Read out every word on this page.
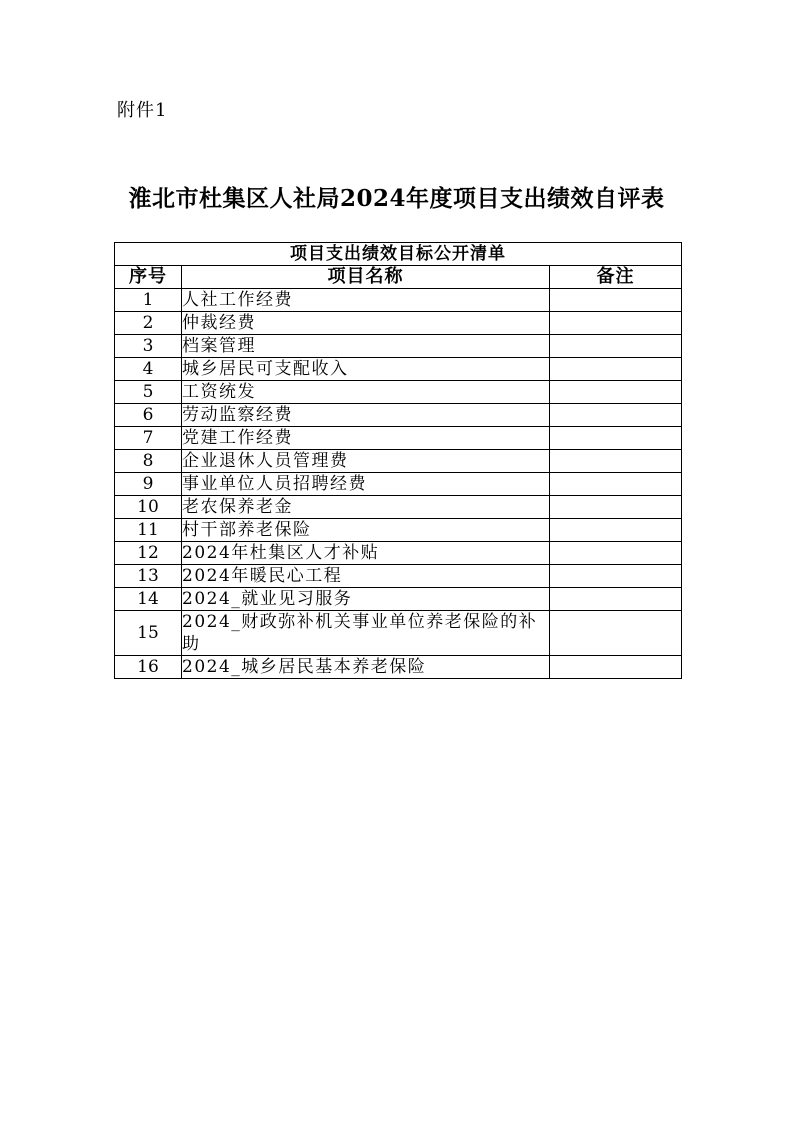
附件1
淮北市杜集区人社局2024年度项目支出绩效自评表
项目支出绩效目标公开清单		
序号	项目名称	备注
1	人社工作经费	
2	仲裁经费	
3	档案管理	
4	城乡居民可支配收入	
5	工资统发	
6	劳动监察经费	
7	党建工作经费	
8	企业退休人员管理费	
9	事业单位人员招聘经费	
10	老农保养老金	
11	村干部养老保险	
12	2024年杜集区人才补贴	
13	2024年暖民心工程	
14	2024_就业见习服务	
15	2024_财政弥补机关事业单位养老保险的补助	
16	2024_城乡居民基本养老保险	
